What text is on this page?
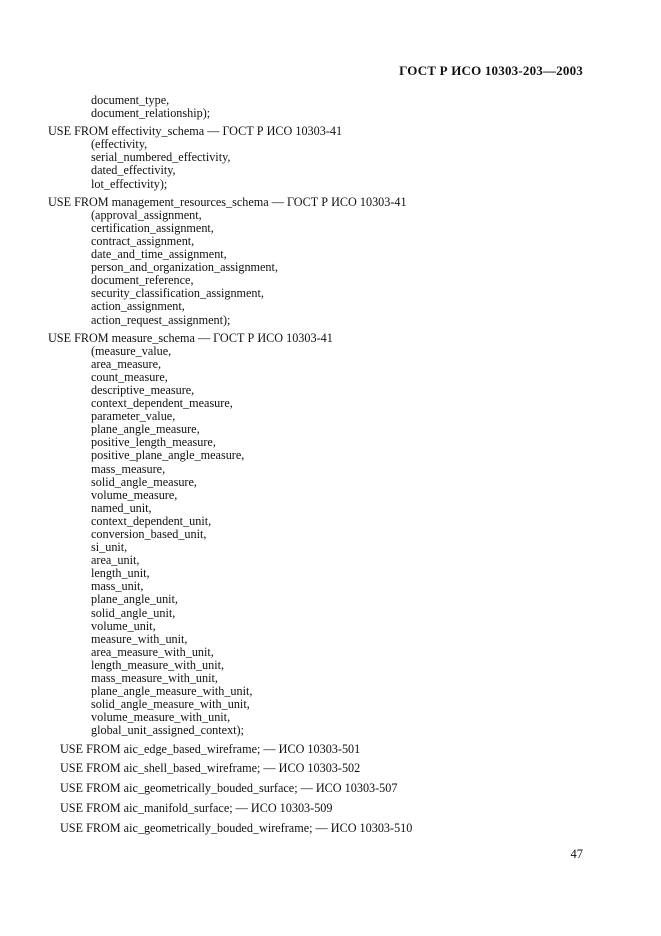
ГОСТ Р ИСО 10303-203—2003
document_type,
document_relationship);
USE FROM effectivity_schema — ГОСТ Р ИСО 10303-41
(effectivity,
serial_numbered_effectivity,
dated_effectivity,
lot_effectivity);
USE FROM management_resources_schema — ГОСТ Р ИСО 10303-41
(approval_assignment,
certification_assignment,
contract_assignment,
date_and_time_assignment,
person_and_organization_assignment,
document_reference,
security_classification_assignment,
action_assignment,
action_request_assignment);
USE FROM measure_schema — ГОСТ Р ИСО 10303-41
(measure_value,
area_measure,
count_measure,
descriptive_measure,
context_dependent_measure,
parameter_value,
plane_angle_measure,
positive_length_measure,
positive_plane_angle_measure,
mass_measure,
solid_angle_measure,
volume_measure,
named_unit,
context_dependent_unit,
conversion_based_unit,
si_unit,
area_unit,
length_unit,
mass_unit,
plane_angle_unit,
solid_angle_unit,
volume_unit,
measure_with_unit,
area_measure_with_unit,
length_measure_with_unit,
mass_measure_with_unit,
plane_angle_measure_with_unit,
solid_angle_measure_with_unit,
volume_measure_with_unit,
global_unit_assigned_context);
USE FROM aic_edge_based_wireframe; — ИСО 10303-501
USE FROM aic_shell_based_wireframe; — ИСО 10303-502
USE FROM aic_geometrically_bouded_surface; — ИСО 10303-507
USE FROM aic_manifold_surface; — ИСО 10303-509
USE FROM aic_geometrically_bouded_wireframe; — ИСО 10303-510
47
